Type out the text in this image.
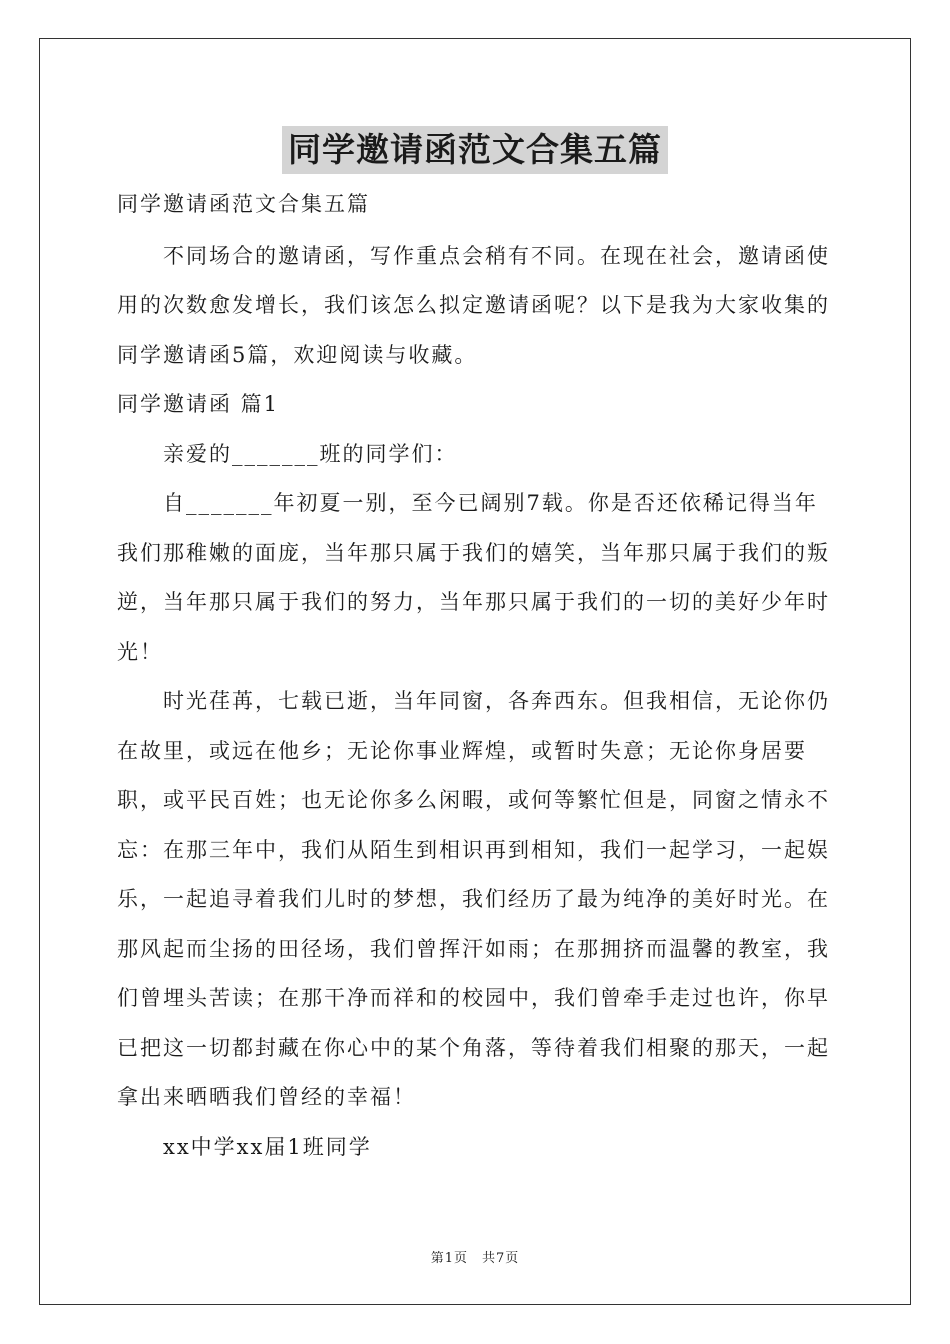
同学邀请函范文合集五篇

同学邀请函范文合集五篇

不同场合的邀请函，写作重点会稍有不同。在现在社会，邀请函使用的次数愈发增长，我们该怎么拟定邀请函呢？以下是我为大家收集的同学邀请函5篇，欢迎阅读与收藏。

同学邀请函 篇1

亲爱的_______班的同学们：

自_______年初夏一别，至今已阔别7载。你是否还依稀记得当年我们那稚嫩的面庞，当年那只属于我们的嬉笑，当年那只属于我们的叛逆，当年那只属于我们的努力，当年那只属于我们的一切的美好少年时光！

时光荏苒，七载已逝，当年同窗，各奔西东。但我相信，无论你仍在故里，或远在他乡；无论你事业辉煌，或暂时失意；无论你身居要职，或平民百姓；也无论你多么闲暇，或何等繁忙但是，同窗之情永不忘：在那三年中，我们从陌生到相识再到相知，我们一起学习，一起娱乐，一起追寻着我们儿时的梦想，我们经历了最为纯净的美好时光。在那风起而尘扬的田径场，我们曾挥汗如雨；在那拥挤而温馨的教室，我们曾埋头苦读；在那干净而祥和的校园中，我们曾牵手走过也许，你早已把这一切都封藏在你心中的某个角落，等待着我们相聚的那天，一起拿出来晒晒我们曾经的幸福！

xx中学xx届1班同学

第1页　共7页
